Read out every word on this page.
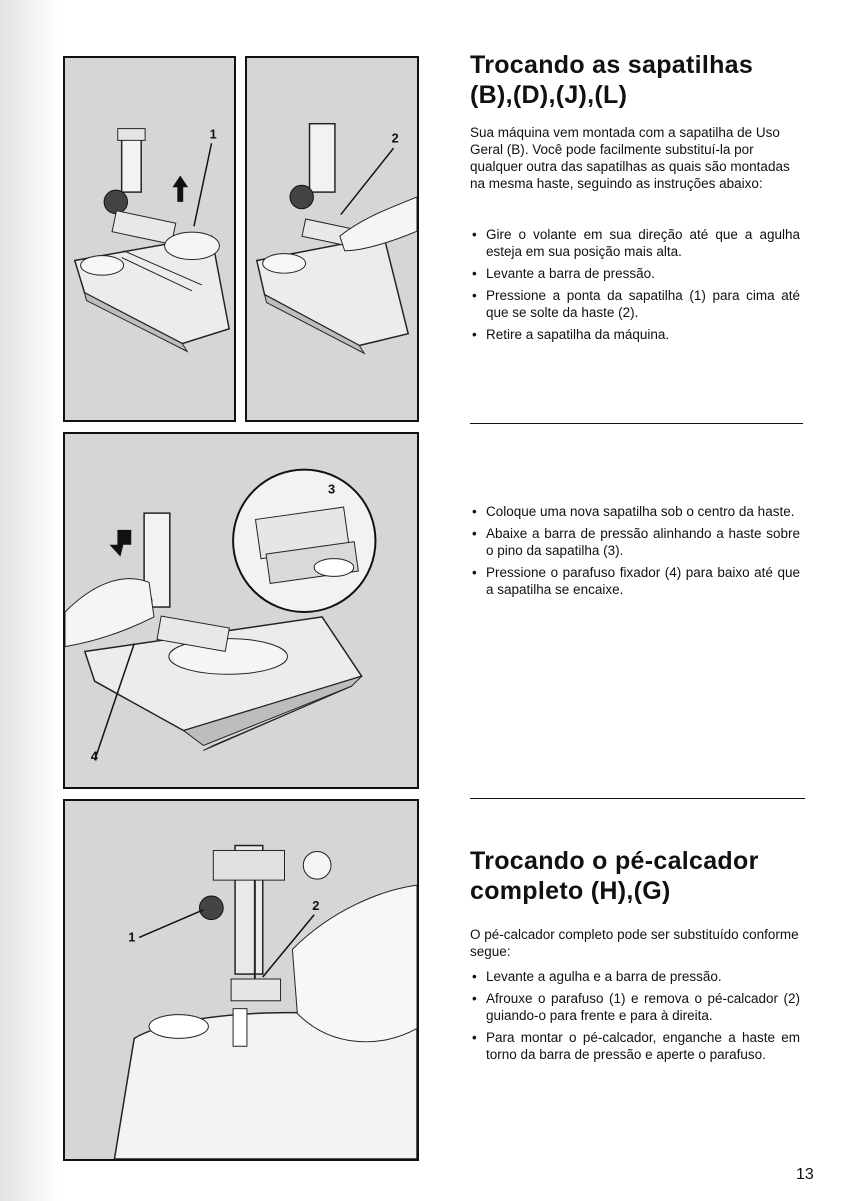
1	2
3
4
1
2
Trocando as sapatilhas
(B),(D),(J),(L)

Sua máquina vem montada com a sapatilha de Uso Geral (B). Você pode facilmente substituí-la por qualquer outra das sapatilhas as quais são montadas na mesma haste, seguindo as instruções abaixo:

• Gire o volante em sua direção até que a agulha esteja em sua posição mais alta.
• Levante a barra de pressão.
• Pressione a ponta da sapatilha (1) para cima até que se solte da haste (2).
• Retire a sapatilha da máquina.
• Coloque uma nova sapatilha sob o centro da haste.
• Abaixe a barra de pressão alinhando a haste sobre o pino da sapatilha (3).
• Pressione o parafuso fixador (4) para baixo até que a sapatilha se encaixe.
Trocando o pé-calcador
completo (H),(G)

O pé-calcador completo pode ser substituído conforme segue:

• Levante a agulha e a barra de pressão.
• Afrouxe o parafuso (1) e remova o pé-calcador (2) guiando-o para frente e para à direita.
• Para montar o pé-calcador, enganche a haste em torno da barra de pressão e aperte o parafuso.
13
